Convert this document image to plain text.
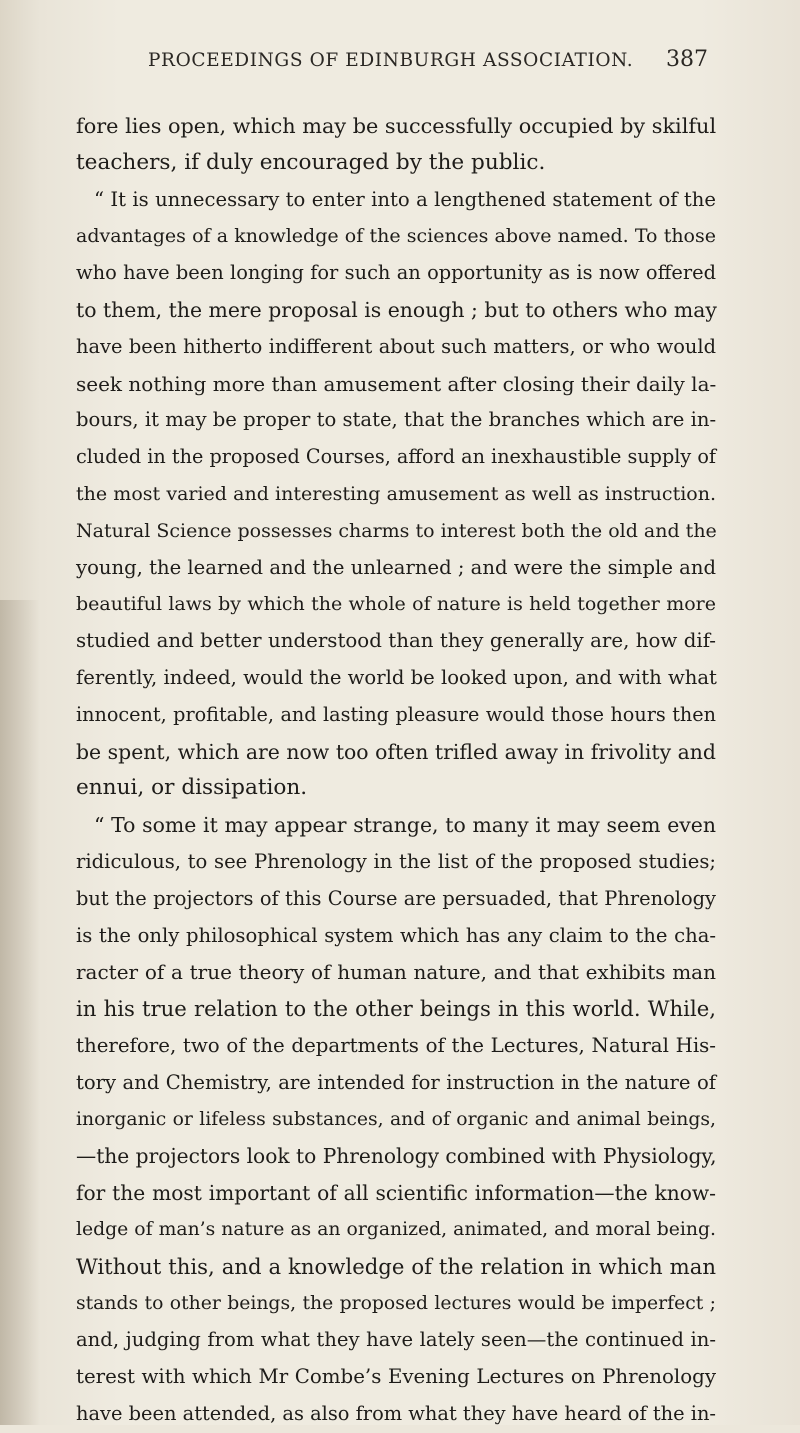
PROCEEDINGS OF EDINBURGH ASSOCIATION. 387
fore lies open, which may be successfully occupied by skilful
teachers, if duly encouraged by the public.
“ It is unnecessary to enter into a lengthened statement of the
advantages of a knowledge of the sciences above named. To those
who have been longing for such an opportunity as is now offered
to them, the mere proposal is enough ; but to others who may
have been hitherto indifferent about such matters, or who would
seek nothing more than amusement after closing their daily la-
bours, it may be proper to state, that the branches which are in-
cluded in the proposed Courses, afford an inexhaustible supply of
the most varied and interesting amusement as well as instruction.
Natural Science possesses charms to interest both the old and the
young, the learned and the unlearned ; and were the simple and
beautiful laws by which the whole of nature is held together more
studied and better understood than they generally are, how dif-
ferently, indeed, would the world be looked upon, and with what
innocent, profitable, and lasting pleasure would those hours then
be spent, which are now too often trifled away in frivolity and
ennui, or dissipation.
“ To some it may appear strange, to many it may seem even
ridiculous, to see Phrenology in the list of the proposed studies;
but the projectors of this Course are persuaded, that Phrenology
is the only philosophical system which has any claim to the cha-
racter of a true theory of human nature, and that exhibits man
in his true relation to the other beings in this world. While,
therefore, two of the departments of the Lectures, Natural His-
tory and Chemistry, are intended for instruction in the nature of
inorganic or lifeless substances, and of organic and animal beings,
—the projectors look to Phrenology combined with Physiology,
for the most important of all scientific information—the know-
ledge of man’s nature as an organized, animated, and moral being.
Without this, and a knowledge of the relation in which man
stands to other beings, the proposed lectures would be imperfect ;
and, judging from what they have lately seen—the continued in-
terest with which Mr Combe’s Evening Lectures on Phrenology
have been attended, as also from what they have heard of the in-
